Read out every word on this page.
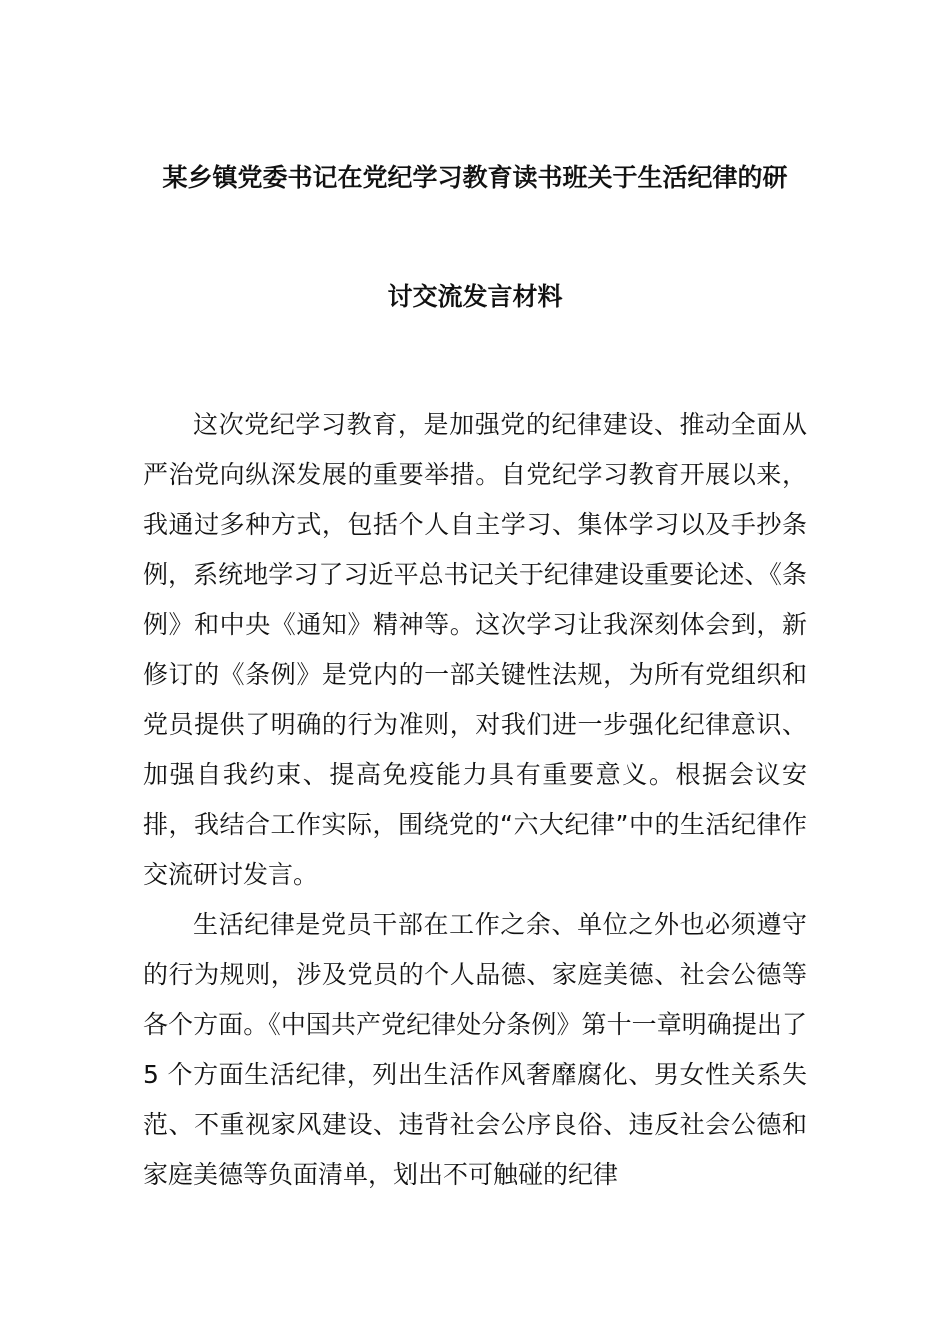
某乡镇党委书记在党纪学习教育读书班关于生活纪律的研
讨交流发言材料

这次党纪学习教育，是加强党的纪律建设、推动全面从严治党向纵深发展的重要举措。自党纪学习教育开展以来，我通过多种方式，包括个人自主学习、集体学习以及手抄条例，系统地学习了习近平总书记关于纪律建设重要论述、《条例》和中央《通知》精神等。这次学习让我深刻体会到，新修订的《条例》是党内的一部关键性法规，为所有党组织和党员提供了明确的行为准则，对我们进一步强化纪律意识、加强自我约束、提高免疫能力具有重要意义。根据会议安排，我结合工作实际，围绕党的“六大纪律”中的生活纪律作交流研讨发言。

生活纪律是党员干部在工作之余、单位之外也必须遵守的行为规则，涉及党员的个人品德、家庭美德、社会公德等各个方面。《中国共产党纪律处分条例》第十一章明确提出了 5 个方面生活纪律，列出生活作风奢靡腐化、男女性关系失范、不重视家风建设、违背社会公序良俗、违反社会公德和家庭美德等负面清单，划出不可触碰的纪律
